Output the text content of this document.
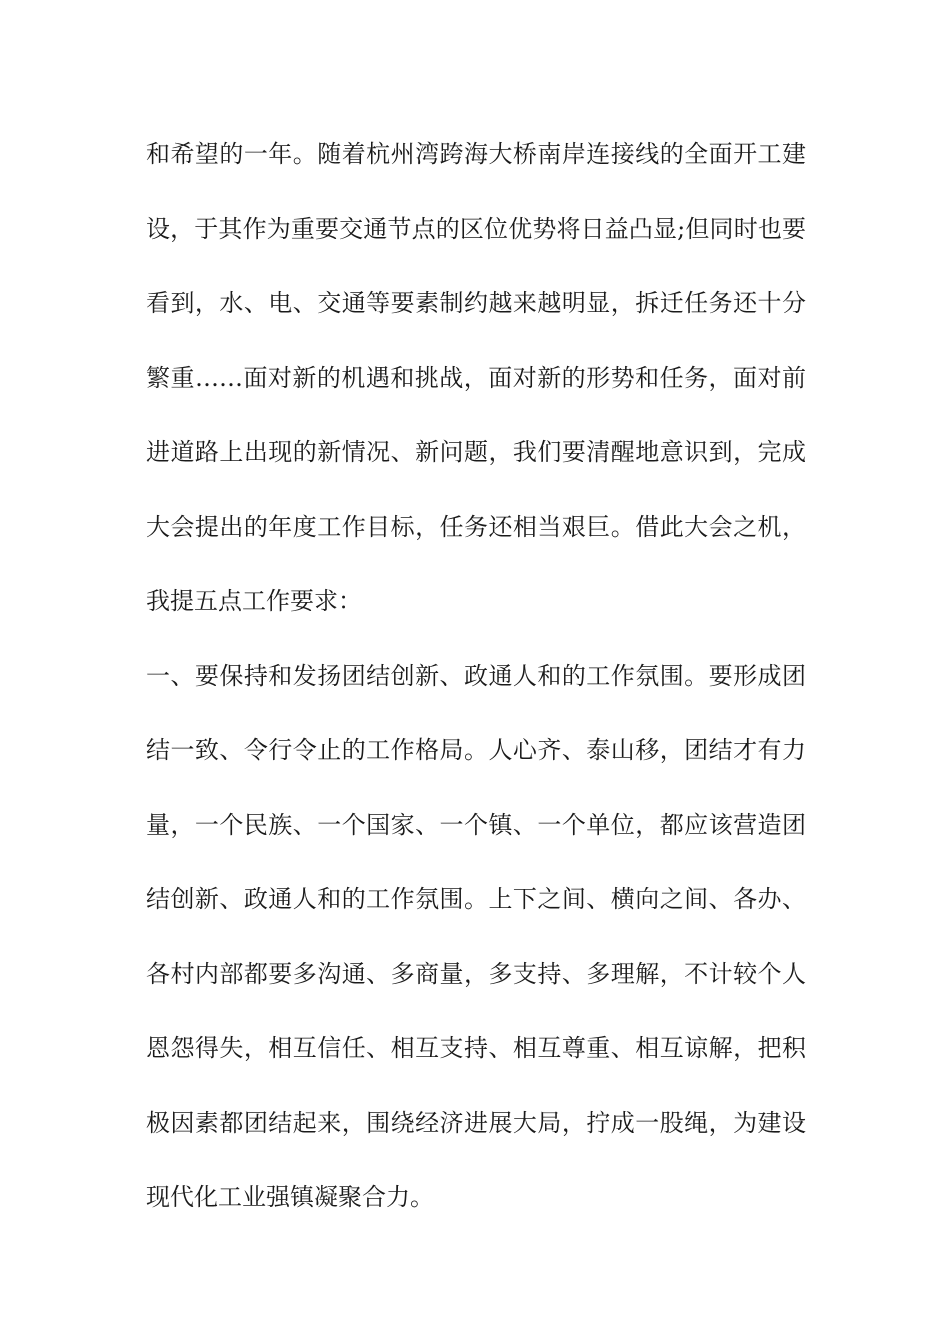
和希望的一年。随着杭州湾跨海大桥南岸连接线的全面开工建
设，于其作为重要交通节点的区位优势将日益凸显;但同时也要
看到，水、电、交通等要素制约越来越明显，拆迁任务还十分
繁重……面对新的机遇和挑战，面对新的形势和任务，面对前
进道路上出现的新情况、新问题，我们要清醒地意识到，完成
大会提出的年度工作目标，任务还相当艰巨。借此大会之机，
我提五点工作要求：
一、要保持和发扬团结创新、政通人和的工作氛围。要形成团
结一致、令行令止的工作格局。人心齐、泰山移，团结才有力
量，一个民族、一个国家、一个镇、一个单位，都应该营造团
结创新、政通人和的工作氛围。上下之间、横向之间、各办、
各村内部都要多沟通、多商量，多支持、多理解，不计较个人
恩怨得失，相互信任、相互支持、相互尊重、相互谅解，把积
极因素都团结起来，围绕经济进展大局，拧成一股绳，为建设
现代化工业强镇凝聚合力。
